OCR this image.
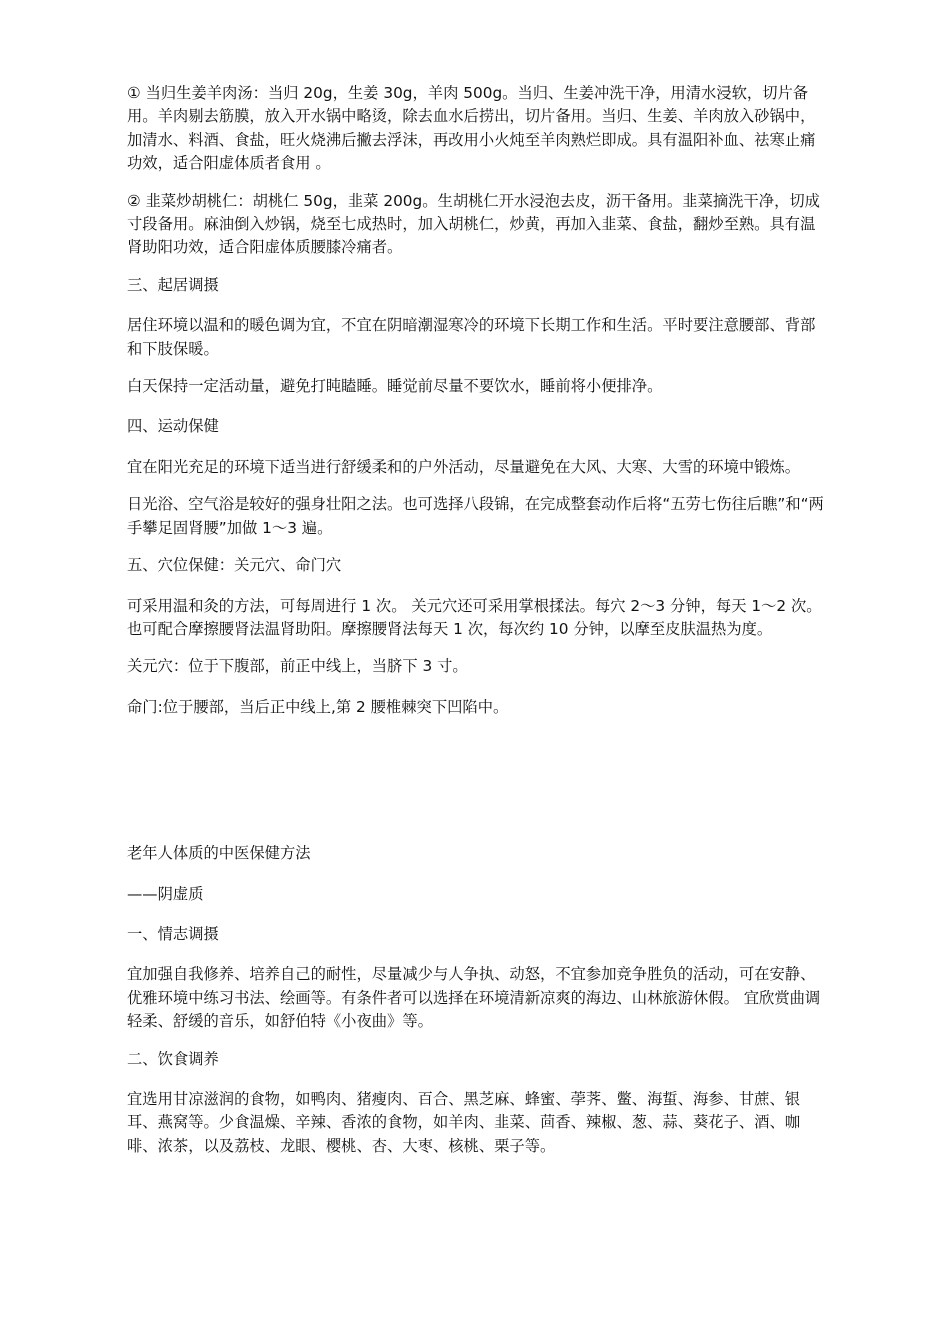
① 当归生姜羊肉汤：当归 20g，生姜 30g，羊肉 500g。当归、生姜冲洗干净，用清水浸软，切片备用。羊肉剔去筋膜，放入开水锅中略烫，除去血水后捞出，切片备用。当归、生姜、羊肉放入砂锅中，加清水、料酒、食盐，旺火烧沸后撇去浮沫，再改用小火炖至羊肉熟烂即成。具有温阳补血、祛寒止痛功效，适合阳虚体质者食用 。

② 韭菜炒胡桃仁：胡桃仁 50g，韭菜 200g。生胡桃仁开水浸泡去皮，沥干备用。韭菜摘洗干净，切成寸段备用。麻油倒入炒锅，烧至七成热时，加入胡桃仁，炒黄，再加入韭菜、食盐，翻炒至熟。具有温肾助阳功效，适合阳虚体质腰膝冷痛者。

三、起居调摄

居住环境以温和的暖色调为宜，不宜在阴暗潮湿寒冷的环境下长期工作和生活。平时要注意腰部、背部和下肢保暖。

白天保持一定活动量，避免打盹瞌睡。睡觉前尽量不要饮水，睡前将小便排净。

四、运动保健

宜在阳光充足的环境下适当进行舒缓柔和的户外活动，尽量避免在大风、大寒、大雪的环境中锻炼。

日光浴、空气浴是较好的强身壮阳之法。也可选择八段锦，在完成整套动作后将“五劳七伤往后瞧”和“两手攀足固肾腰”加做 1～3 遍。

五、穴位保健：关元穴、命门穴

可采用温和灸的方法，可每周进行 1 次。 关元穴还可采用掌根揉法。每穴 2～3 分钟，每天 1～2 次。也可配合摩擦腰肾法温肾助阳。摩擦腰肾法每天 1 次，每次约 10 分钟，以摩至皮肤温热为度。

关元穴：位于下腹部，前正中线上，当脐下 3 寸。

命门:位于腰部，当后正中线上,第 2 腰椎棘突下凹陷中。

老年人体质的中医保健方法

——阴虚质

一、情志调摄

宜加强自我修养、培养自己的耐性，尽量减少与人争执、动怒，不宜参加竞争胜负的活动，可在安静、优雅环境中练习书法、绘画等。有条件者可以选择在环境清新凉爽的海边、山林旅游休假。 宜欣赏曲调轻柔、舒缓的音乐，如舒伯特《小夜曲》等。

二、饮食调养

宜选用甘凉滋润的食物，如鸭肉、猪瘦肉、百合、黑芝麻、蜂蜜、荸荠、鳖、海蜇、海参、甘蔗、银耳、燕窝等。少食温燥、辛辣、香浓的食物，如羊肉、韭菜、茴香、辣椒、葱、蒜、葵花子、酒、咖啡、浓茶，以及荔枝、龙眼、樱桃、杏、大枣、核桃、栗子等。
